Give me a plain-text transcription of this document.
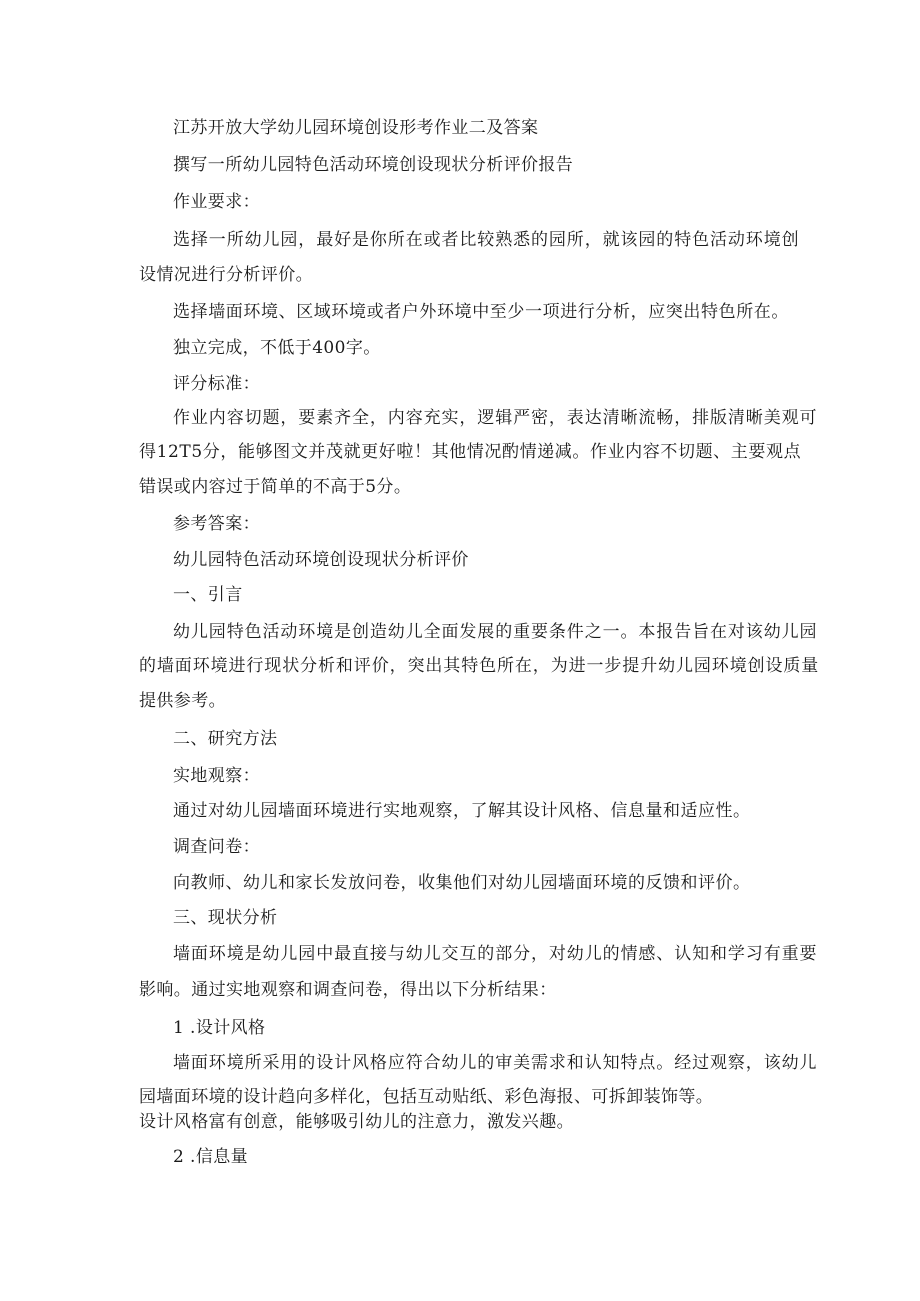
江苏开放大学幼儿园环境创设形考作业二及答案
撰写一所幼儿园特色活动环境创设现状分析评价报告
作业要求：
选择一所幼儿园，最好是你所在或者比较熟悉的园所，就该园的特色活动环境创
设情况进行分析评价。
选择墙面环境、区域环境或者户外环境中至少一项进行分析，应突出特色所在。
独立完成，不低于400字。
评分标准：
作业内容切题，要素齐全，内容充实，逻辑严密，表达清晰流畅，排版清晰美观可
得12T5分，能够图文并茂就更好啦！其他情况酌情递减。作业内容不切题、主要观点
错误或内容过于简单的不高于5分。
参考答案：
幼儿园特色活动环境创设现状分析评价
一、引言
幼儿园特色活动环境是创造幼儿全面发展的重要条件之一。本报告旨在对该幼儿园
的墙面环境进行现状分析和评价，突出其特色所在，为进一步提升幼儿园环境创设质量
提供参考。
二、研究方法
实地观察：
通过对幼儿园墙面环境进行实地观察，了解其设计风格、信息量和适应性。
调查问卷：
向教师、幼儿和家长发放问卷，收集他们对幼儿园墙面环境的反馈和评价。
三、现状分析
墙面环境是幼儿园中最直接与幼儿交互的部分，对幼儿的情感、认知和学习有重要
影响。通过实地观察和调查问卷，得出以下分析结果：
1 .设计风格
墙面环境所采用的设计风格应符合幼儿的审美需求和认知特点。经过观察，该幼儿
园墙面环境的设计趋向多样化，包括互动贴纸、彩色海报、可拆卸装饰等。
设计风格富有创意，能够吸引幼儿的注意力，激发兴趣。
2 .信息量
